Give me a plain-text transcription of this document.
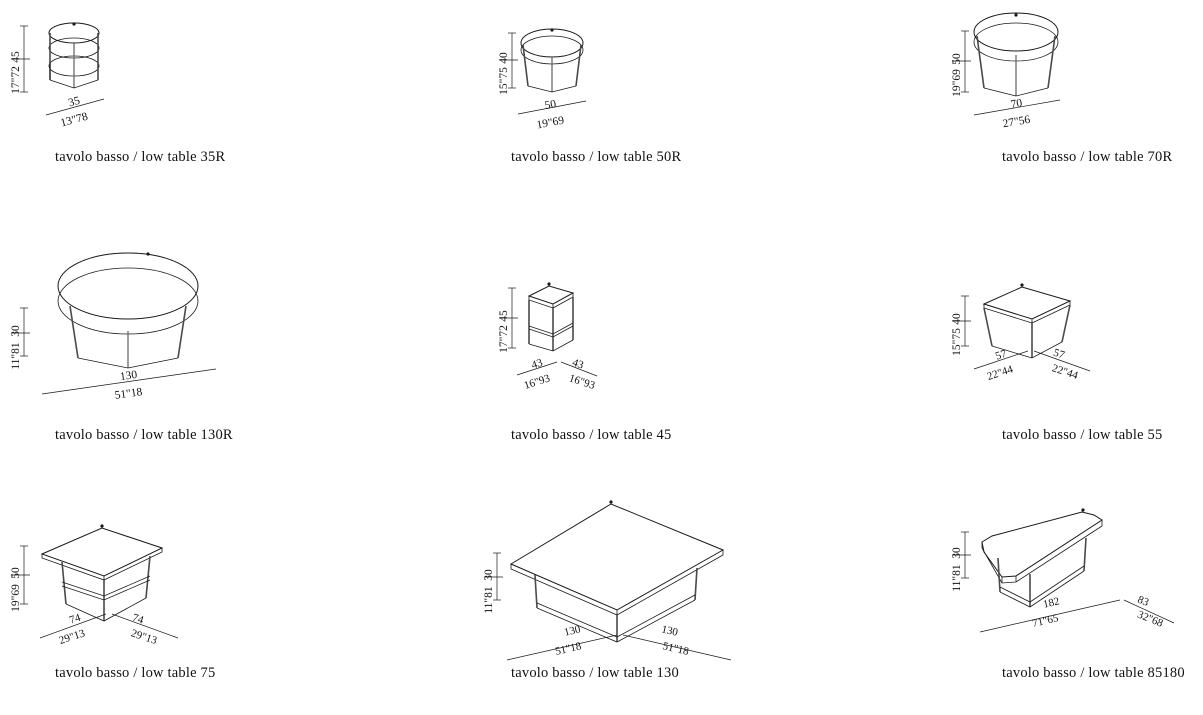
45
17"72
35
13"78
tavolo basso / low table 35R
40
15"75
50
19"69
tavolo basso / low table 50R
50
19"69
70
27"56
tavolo basso / low table 70R
30
11"81
130
51"18
tavolo basso / low table 130R
45
17"72
43
16"93
43
16"93
tavolo basso / low table 45
40
15"75	57
22"44
57
22"44
tavolo basso / low table 55
50
19"69
74
29"13
74
29"13
tavolo basso / low table 75
30
11"81
130
51"18
130
51"18
tavolo basso / low table 130
30
11"81
182
71"65
83
32"68
tavolo basso / low table 85180
